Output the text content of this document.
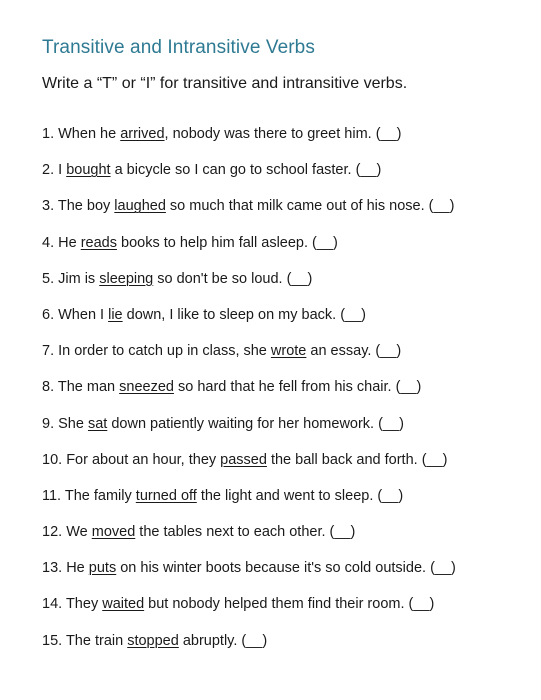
Transitive and Intransitive Verbs

Write a “T” or “I” for transitive and intransitive verbs.

1. When he arrived, nobody was there to greet him. (__)
2. I bought a bicycle so I can go to school faster. (__)
3. The boy laughed so much that milk came out of his nose. (__)
4. He reads books to help him fall asleep. (__)
5. Jim is sleeping so don't be so loud. (__)
6. When I lie down, I like to sleep on my back. (__)
7. In order to catch up in class, she wrote an essay. (__)
8. The man sneezed so hard that he fell from his chair. (__)
9. She sat down patiently waiting for her homework. (__)
10. For about an hour, they passed the ball back and forth. (__)
11. The family turned off the light and went to sleep. (__)
12. We moved the tables next to each other. (__)
13. He puts on his winter boots because it's so cold outside. (__)
14. They waited but nobody helped them find their room. (__)
15. The train stopped abruptly. (__)
